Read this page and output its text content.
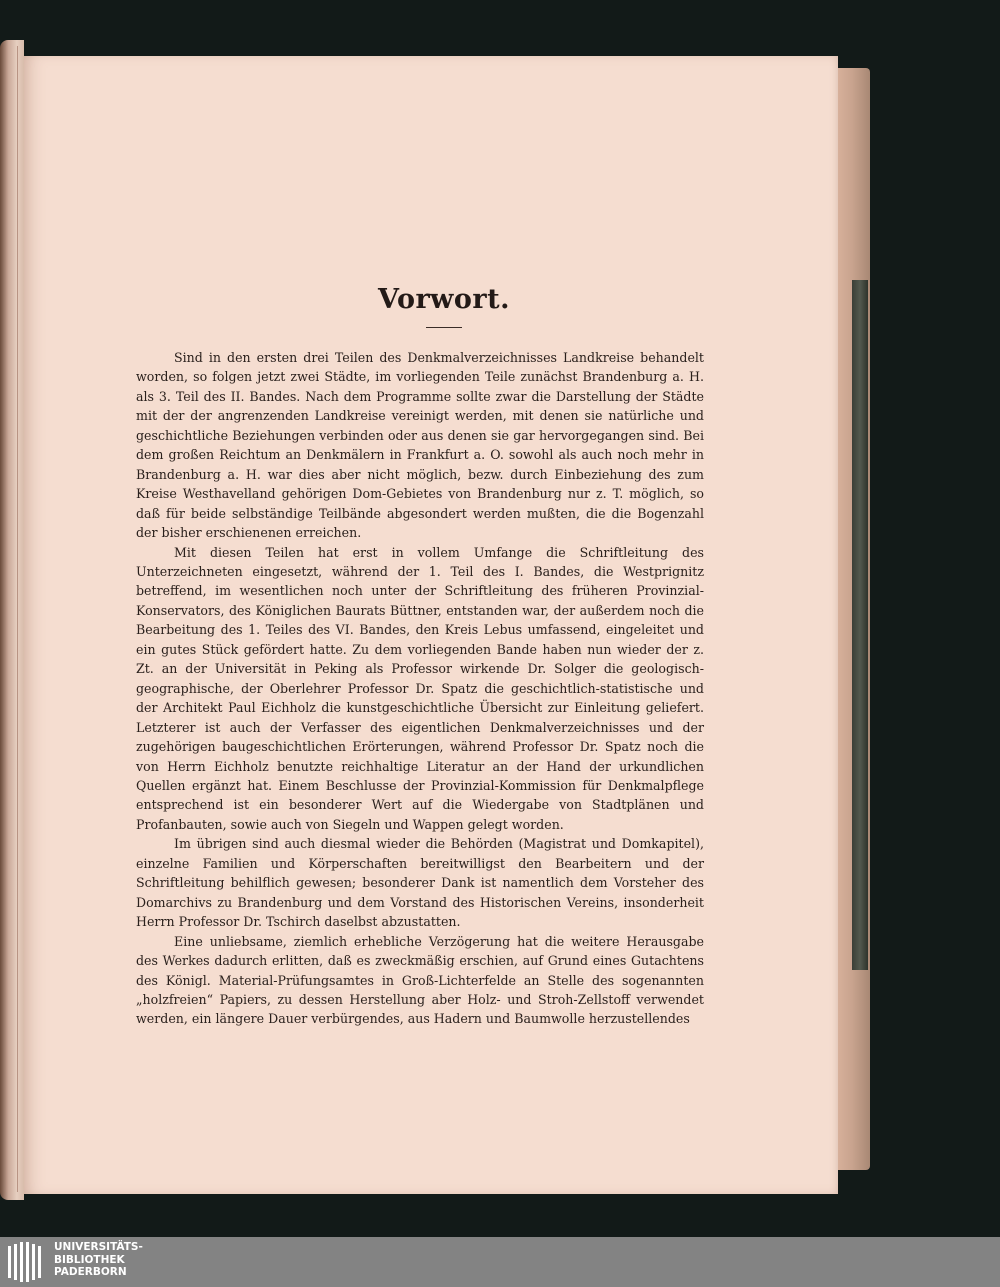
Vorwort.

Sind in den ersten drei Teilen des Denkmalverzeichnisses Landkreise behandelt worden, so folgen jetzt zwei Städte, im vorliegenden Teile zunächst Brandenburg a. H. als 3. Teil des II. Bandes. Nach dem Programme sollte zwar die Darstellung der Städte mit der der angrenzenden Landkreise vereinigt werden, mit denen sie natürliche und geschichtliche Beziehungen verbinden oder aus denen sie gar hervorgegangen sind. Bei dem großen Reichtum an Denkmälern in Frankfurt a. O. sowohl als auch noch mehr in Brandenburg a. H. war dies aber nicht möglich, bezw. durch Einbeziehung des zum Kreise Westhavelland gehörigen Dom-Gebietes von Brandenburg nur z. T. möglich, so daß für beide selbständige Teilbände abgesondert werden mußten, die die Bogenzahl der bisher erschienenen erreichen.

Mit diesen Teilen hat erst in vollem Umfange die Schriftleitung des Unterzeichneten eingesetzt, während der 1. Teil des I. Bandes, die Westprignitz betreffend, im wesentlichen noch unter der Schriftleitung des früheren Provinzial-Konservators, des Königlichen Baurats Büttner, entstanden war, der außerdem noch die Bearbeitung des 1. Teiles des VI. Bandes, den Kreis Lebus umfassend, eingeleitet und ein gutes Stück gefördert hatte. Zu dem vorliegenden Bande haben nun wieder der z. Zt. an der Universität in Peking als Professor wirkende Dr. Solger die geologisch-geographische, der Oberlehrer Professor Dr. Spatz die geschichtlich-statistische und der Architekt Paul Eichholz die kunstgeschichtliche Übersicht zur Einleitung geliefert. Letzterer ist auch der Verfasser des eigentlichen Denkmalverzeichnisses und der zugehörigen baugeschichtlichen Erörterungen, während Professor Dr. Spatz noch die von Herrn Eichholz benutzte reichhaltige Literatur an der Hand der urkundlichen Quellen ergänzt hat. Einem Beschlusse der Provinzial-Kommission für Denkmalpflege entsprechend ist ein besonderer Wert auf die Wiedergabe von Stadtplänen und Profanbauten, sowie auch von Siegeln und Wappen gelegt worden.

Im übrigen sind auch diesmal wieder die Behörden (Magistrat und Domkapitel), einzelne Familien und Körperschaften bereitwilligst den Bearbeitern und der Schriftleitung behilflich gewesen; besonderer Dank ist namentlich dem Vorsteher des Domarchivs zu Brandenburg und dem Vorstand des Historischen Vereins, insonderheit Herrn Professor Dr. Tschirch daselbst abzustatten.

Eine unliebsame, ziemlich erhebliche Verzögerung hat die weitere Herausgabe des Werkes dadurch erlitten, daß es zweckmäßig erschien, auf Grund eines Gutachtens des Königl. Material-Prüfungsamtes in Groß-Lichterfelde an Stelle des sogenannten „holzfreien“ Papiers, zu dessen Herstellung aber Holz- und Stroh-Zellstoff verwendet werden, ein längere Dauer verbürgendes, aus Hadern und Baumwolle herzustellendes

UNIVERSITÄTS-
BIBLIOTHEK
PADERBORN
